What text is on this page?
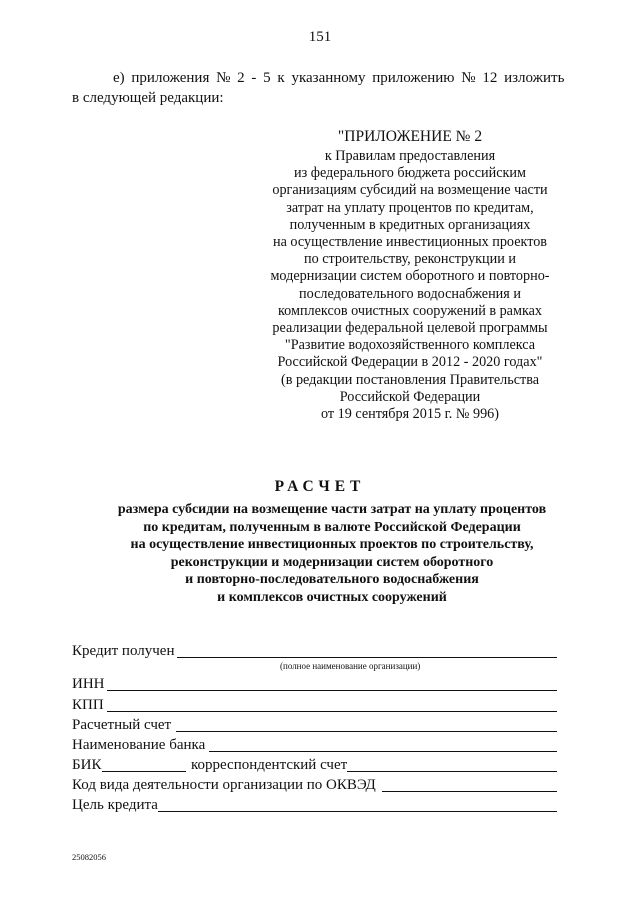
151
е) приложения № 2 - 5 к указанному приложению № 12 изложить
в следующей редакции:
"ПРИЛОЖЕНИЕ № 2
к Правилам предоставления
из федерального бюджета российским
организациям субсидий на возмещение части
затрат на уплату процентов по кредитам,
полученным в кредитных организациях
на осуществление инвестиционных проектов
по строительству, реконструкции и
модернизации систем оборотного и повторно-
последовательного водоснабжения и
комплексов очистных сооружений в рамках
реализации федеральной целевой программы
"Развитие водохозяйственного комплекса
Российской Федерации в 2012 - 2020 годах"
(в редакции постановления Правительства
Российской Федерации
от 19 сентября 2015 г. № 996)
РАСЧЕТ
размера субсидии на возмещение части затрат на уплату процентов
по кредитам, полученным в валюте Российской Федерации
на осуществление инвестиционных проектов по строительству,
реконструкции и модернизации систем оборотного
и повторно-последовательного водоснабжения
и комплексов очистных сооружений
Кредит получен
(полное наименование организации)
ИНН
КПП
Расчетный счет
Наименование банка
БИК	корреспондентский счет
Код вида деятельности организации по ОКВЭД
Цель кредита
25082056
